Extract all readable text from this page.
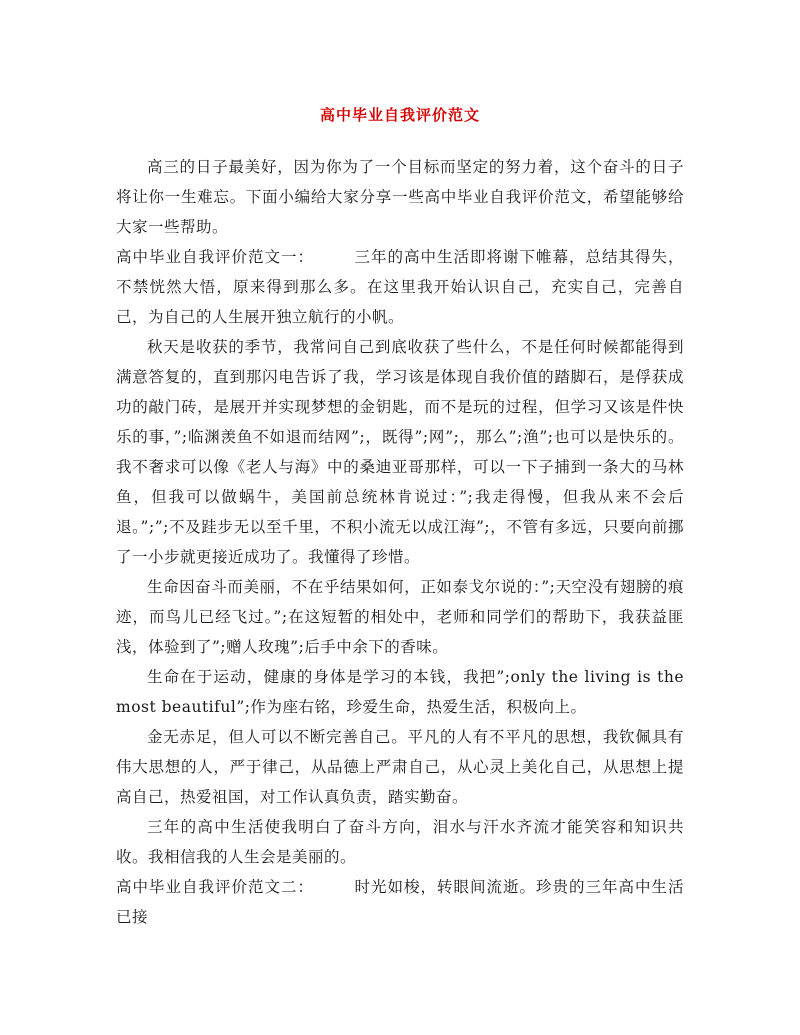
高中毕业自我评价范文

高三的日子最美好，因为你为了一个目标而坚定的努力着，这个奋斗的日子将让你一生难忘。下面小编给大家分享一些高中毕业自我评价范文，希望能够给大家一些帮助。

高中毕业自我评价范文一：	三年的高中生活即将谢下帷幕，总结其得失，不禁恍然大悟，原来得到那么多。在这里我开始认识自己，充实自己，完善自己，为自己的人生展开独立航行的小帆。

秋天是收获的季节，我常问自己到底收获了些什么，不是任何时候都能得到满意答复的，直到那闪电告诉了我，学习该是体现自我价值的踏脚石，是俘获成功的敲门砖，是展开并实现梦想的金钥匙，而不是玩的过程，但学习又该是件快乐的事，”;临渊羡鱼不如退而结网”;，既得”;网”;，那么”;渔”;也可以是快乐的。我不奢求可以像《老人与海》中的桑迪亚哥那样，可以一下子捕到一条大的马林鱼，但我可以做蜗牛，美国前总统林肯说过：”;我走得慢，但我从来不会后退。”;”;不及跬步无以至千里，不积小流无以成江海”;，不管有多远，只要向前挪了一小步就更接近成功了。我懂得了珍惜。

生命因奋斗而美丽，不在乎结果如何，正如泰戈尔说的：”;天空没有翅膀的痕迹，而鸟儿已经飞过。”;在这短暂的相处中，老师和同学们的帮助下，我获益匪浅，体验到了”;赠人玫瑰”;后手中余下的香味。

生命在于运动，健康的身体是学习的本钱，我把”;only the living is the most beautiful”;作为座右铭，珍爱生命，热爱生活，积极向上。

金无赤足，但人可以不断完善自己。平凡的人有不平凡的思想，我钦佩具有伟大思想的人，严于律己，从品德上严肃自己，从心灵上美化自己，从思想上提高自己，热爱祖国，对工作认真负责，踏实勤奋。

三年的高中生活使我明白了奋斗方向，泪水与汗水齐流才能笑容和知识共收。我相信我的人生会是美丽的。

高中毕业自我评价范文二：	时光如梭，转眼间流逝。珍贵的三年高中生活已接
